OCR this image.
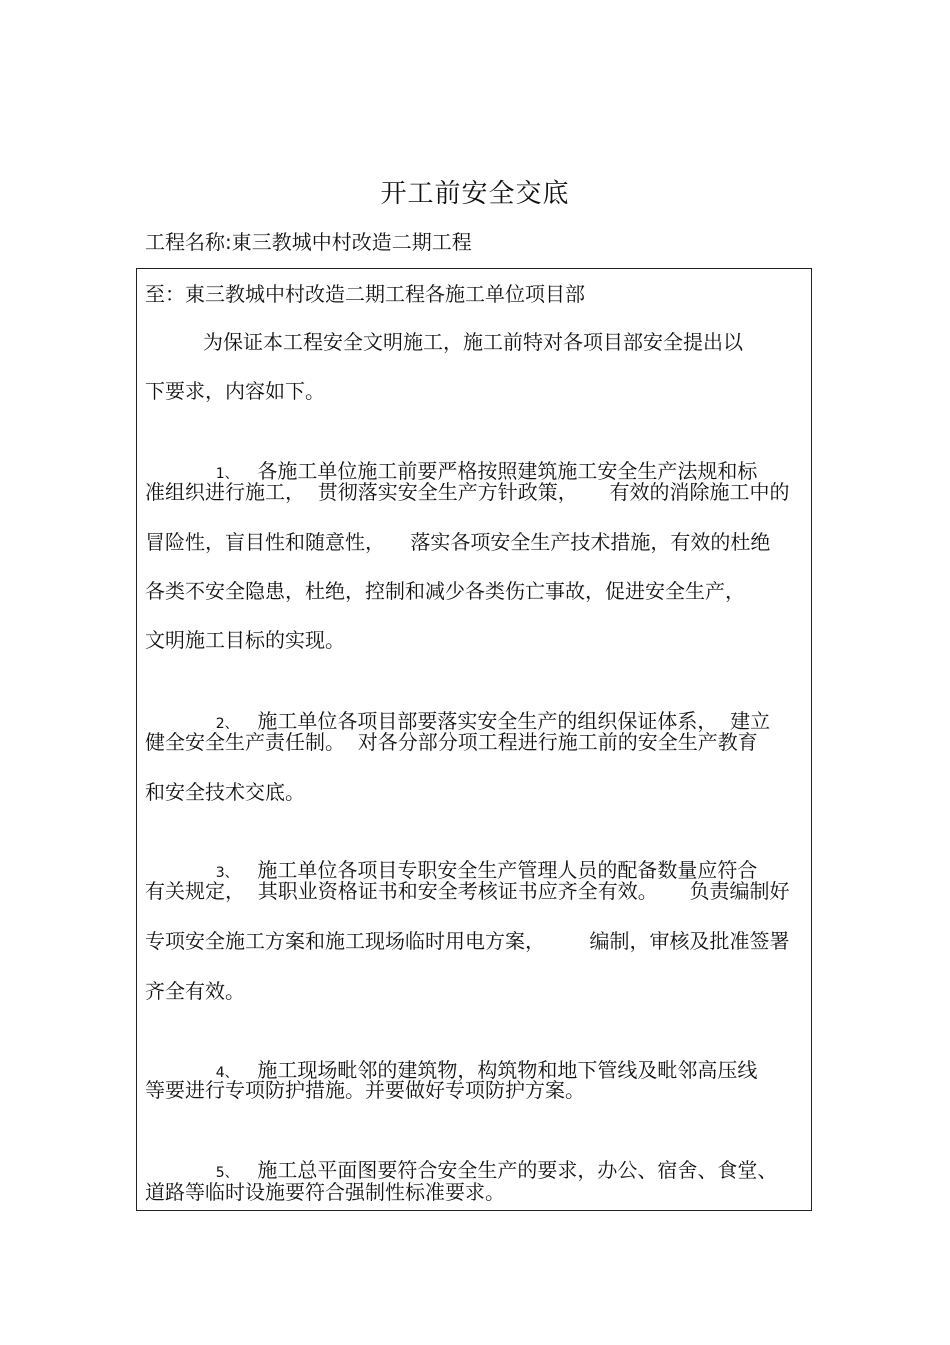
开工前安全交底
工程名称:東三教城中村改造二期工程
至：東三教城中村改造二期工程各施工单位项目部
为保证本工程安全文明施工，施工前特对各项目部安全提出以
下要求，内容如下。

1、 各施工单位施工前要严格按照建筑施工安全生产法规和标

准组织进行施工，  贯彻落实安全生产方针政策，     有效的消除施工中的
冒险性，盲目性和随意性，    落实各项安全生产技术措施，有效的杜绝
各类不安全隐患，杜绝，控制和减少各类伤亡事故，促进安全生产，
文明施工目标的实现。

2、 施工单位各项目部要落实安全生产的组织保证体系，  建立

健全安全生产责任制。  对各分部分项工程进行施工前的安全生产教育
和安全技术交底。

3、 施工单位各项目专职安全生产管理人员的配备数量应符合

有关规定，  其职业资格证书和安全考核证书应齐全有效。     负责编制好
专项安全施工方案和施工现场临时用电方案，       编制，审核及批准签署
齐全有效。

4、 施工现场毗邻的建筑物，构筑物和地下管线及毗邻高压线

等要进行专项防护措施。并要做好专项防护方案。

5、 施工总平面图要符合安全生产的要求，办公、宿舍、食堂、

道路等临时设施要符合强制性标准要求。
